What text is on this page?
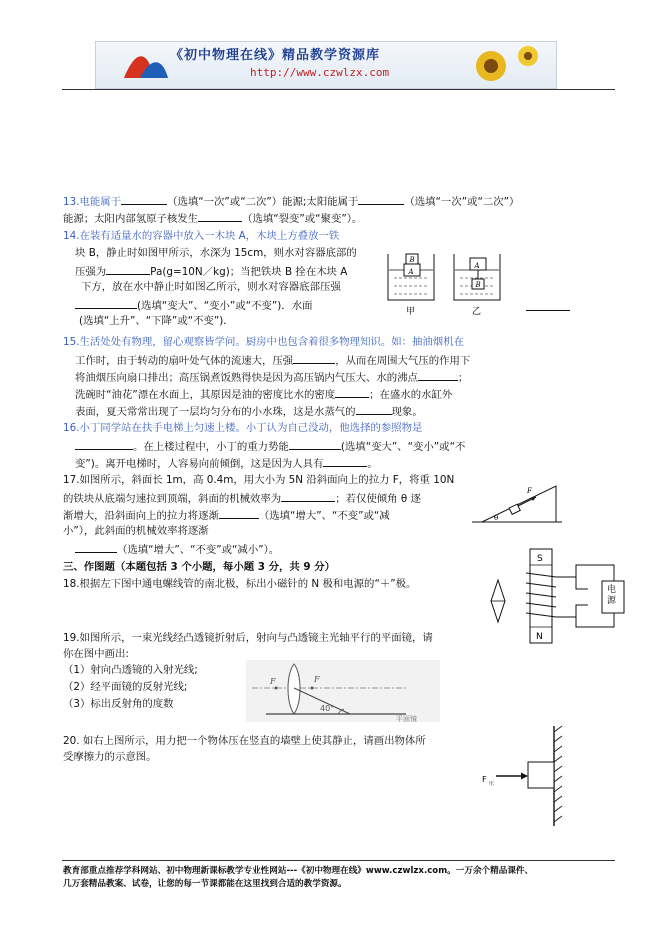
《初中物理在线》精品教学资源库
http://www.czwlzx.com
13.电能属于	（选填“一次”或“二次”）能源;太阳能属于	（选填“一次”或“二次”）
能源；太阳内部氢原子核发生	（选填“裂变”或“聚变”）。
14.在装有适量水的容器中放入一木块 A，木块上方叠放一铁
块 B，静止时如图甲所示，水深为 15cm，则水对容器底部的
压强为	Pa(g=10N／kg)；当把铁块 B 拴在木块 A
下方，放在水中静止时如图乙所示，则水对容器底部压强
(选填“变大”、“变小”或“不变”)．水面
(选填“上升”、“下降”或“不变”)．
A
B
A
B
甲	乙
15.生活处处有物理，留心观察皆学问。厨房中也包含着很多物理知识。如：抽油烟机在
工作时，由于转动的扇叶处气体的流速大，压强	，从而在周围大气压的作用下
将油烟压向扇口排出；高压锅煮饭熟得快是因为高压锅内气压大、水的沸点	；
洗碗时“油花”漂在水面上，其原因是油的密度比水的密度	；在盛水的水缸外
表面，夏天常常出现了一层均匀分布的小水珠，这是水蒸气的	现象。
16.小丁同学站在扶手电梯上匀速上楼。小丁认为自己没动，他选择的参照物是
。在上楼过程中，小丁的重力势能	(选填“变大”、“变小”或“不
变”)。离开电梯时，人容易向前倾倒，这是因为人具有	。
17.如图所示，斜面长 1m，高 0.4m，用大小为 5N 沿斜面向上的拉力 F，将重 10N
的铁块从底端匀速拉到顶端，斜面的机械效率为	；若仅使倾角 θ 逐
渐增大，沿斜面向上的拉力将逐渐	（选填“增大”、“不变”或“减
小”），此斜面的机械效率将逐渐
（选填“增大”、“不变”或“减小”）。
F
θ
三、作图题（本题包括 3 个小题，每小题 3 分，共 9 分）
18.根据左下图中通电螺线管的南北极，标出小磁针的 N 极和电源的“＋”极。
S
N
电源
19.如图所示，一束光线经凸透镜折射后，射向与凸透镜主光轴平行的平面镜，请
你在图中画出:
（1）射向凸透镜的入射光线;
（2）经平面镜的反射光线;
（3）标出反射角的度数
F	F
40°
平面镜
20. 如右上图所示，用力把一个物体压在竖直的墙壁上使其静止，请画出物体所
受摩擦力的示意图。
F 压
教育部重点推荐学科网站、初中物理新课标教学专业性网站---《初中物理在线》www.czwlzx.com。一万余个精品课件、
几万套精品教案、试卷，让您的每一节课都能在这里找到合适的教学资源。
